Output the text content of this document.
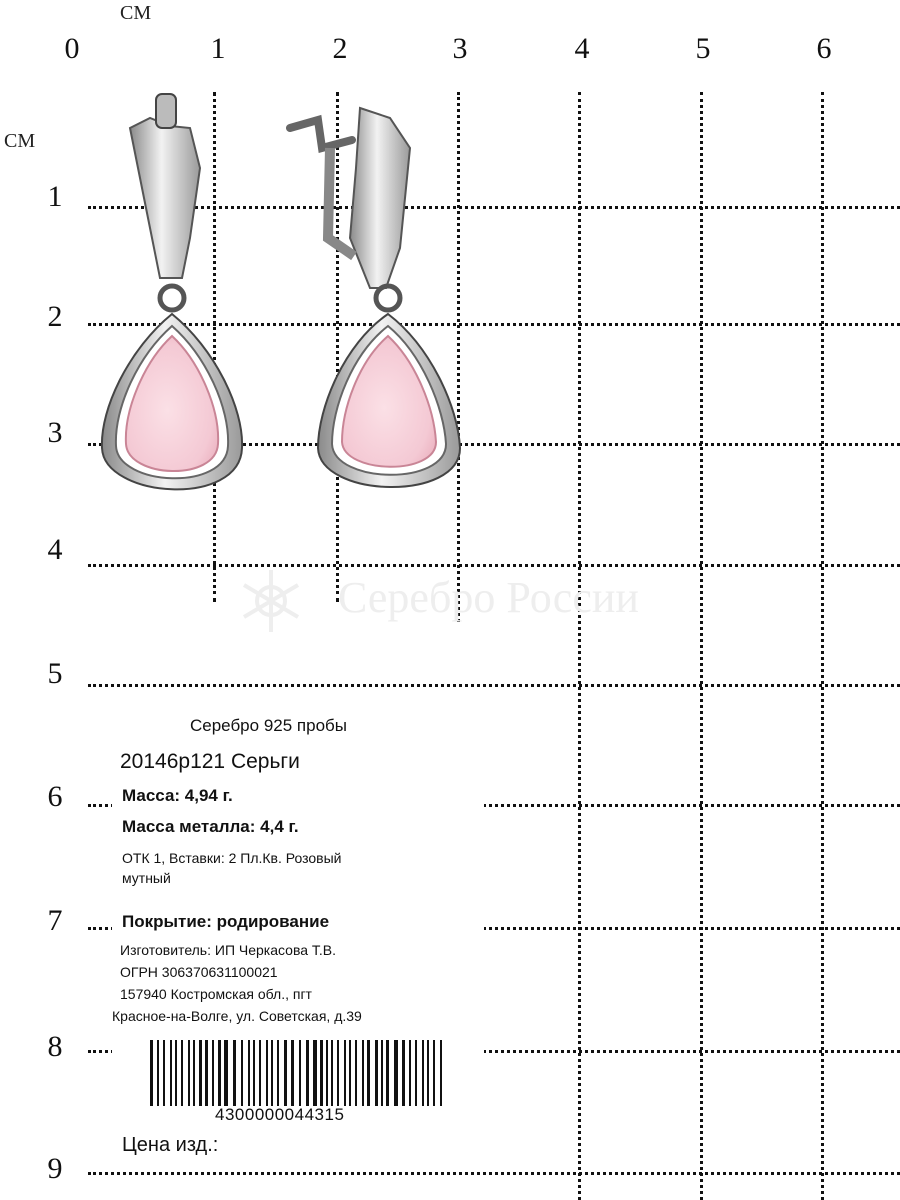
СМ
СМ
0	1	2	3	4	5	6
1
2
3
4
5
6
7
8
9
Серебро России
Серебро 925 пробы
20146р121 Серьги
Масса: 4,94 г.
Масса металла: 4,4 г.
ОТК 1, Вставки: 2 Пл.Кв. Розовый
мутный
Покрытие: родирование
Изготовитель: ИП Черкасова Т.В.
ОГРН 306370631100021
157940 Костромская обл., пгт
Красное-на-Волге, ул. Советская, д.39
Цена изд.:
4300000044315
